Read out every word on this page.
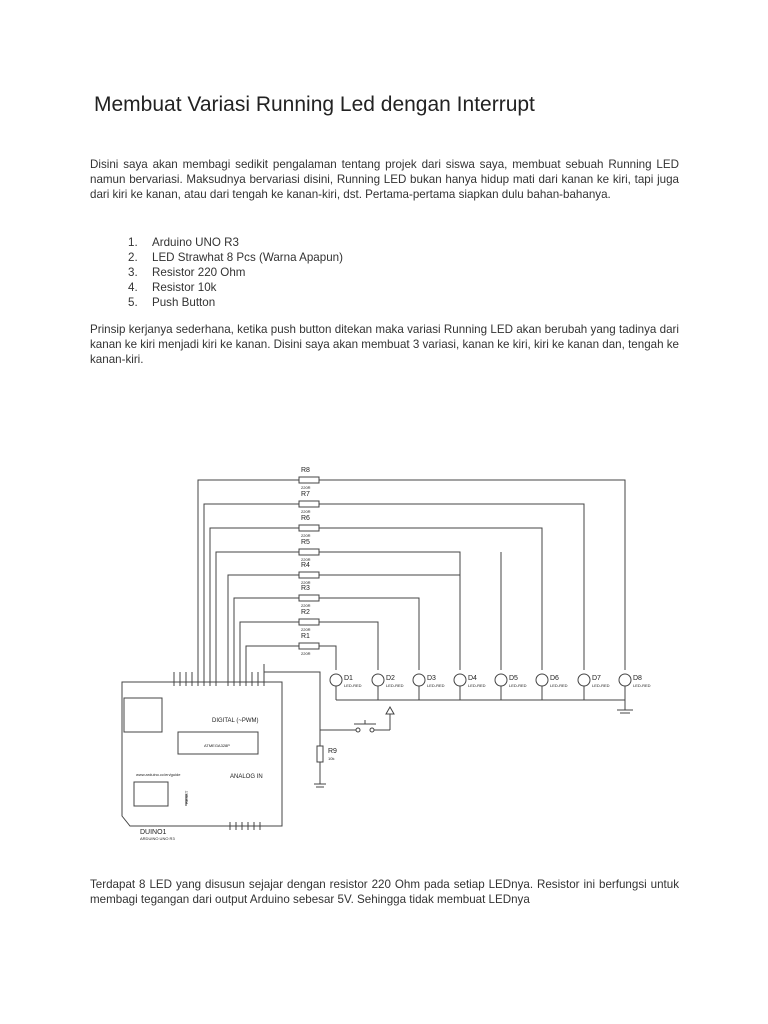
Membuat Variasi Running Led dengan Interrupt

Disini saya akan membagi sedikit pengalaman tentang projek dari siswa saya, membuat sebuah Running LED namun bervariasi. Maksudnya bervariasi disini, Running LED bukan hanya hidup mati dari kanan ke kiri, tapi juga dari kiri ke kanan, atau dari tengah ke kanan-kiri, dst. Pertama-pertama siapkan dulu bahan-bahanya.

1.	Arduino UNO R3
2.	LED Strawhat 8 Pcs (Warna Apapun)
3.	Resistor 220 Ohm
4.	Resistor 10k
5.	Push Button

Prinsip kerjanya sederhana, ketika push button ditekan maka variasi Running LED akan berubah yang tadinya dari kanan ke kiri menjadi kiri ke kanan. Disini saya akan membuat 3 variasi, kanan ke kiri, kiri ke kanan dan, tengah ke kanan-kiri.

R8
220R
R7
220R
R6
220R
R5
220R
R4
220R
R3
220R
R2
220R
R1
220R
D1
LED-RED
D2
LED-RED
D3
LED-RED
D4
LED-RED
D5
LED-RED
D6
LED-RED
D7
LED-RED
D8
LED-RED
R9
10k
DIGITAL (~PWM)
ATMEGA328P
www.arduino.cc/en/guide	ANALOG IN
RESET
DUINO1
ARDUINO UNO R3

Terdapat 8 LED yang disusun sejajar dengan resistor 220 Ohm pada setiap LEDnya. Resistor ini berfungsi untuk membagi tegangan dari output Arduino sebesar 5V. Sehingga tidak membuat LEDnya
